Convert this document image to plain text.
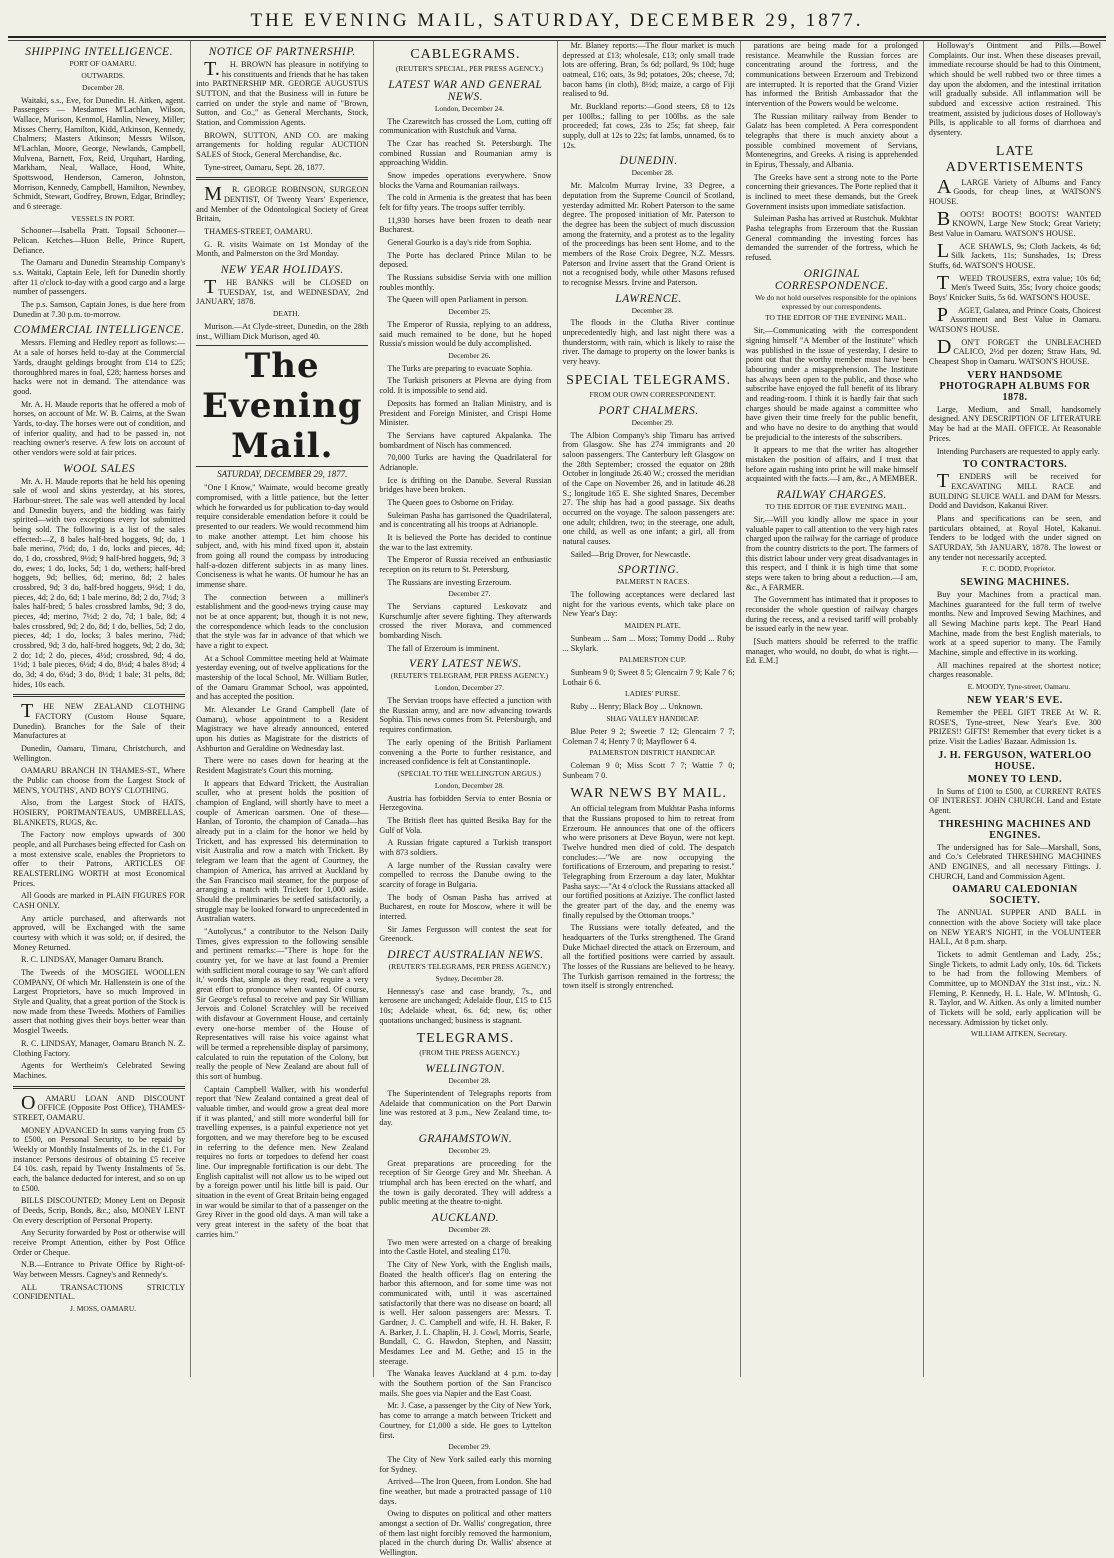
THE EVENING MAIL, SATURDAY, DECEMBER 29, 1877.
SHIPPING INTELLIGENCE.

PORT OF OAMARU.

OUTWARDS.

December 28.

Waitaki, s.s., Eve, for Dunedin. H. Aitken, agent. Passengers — Mesdames M'Lachlan, Wilson, Wallace, Murison, Kenmol, Hamlin, Newey, Miller; Misses Cherry, Hamilton, Kidd, Atkinson, Kennedy, Chalmers; Masters Atkinson; Messrs Wilson, M'Lachlan, Moore, George, Newlands, Campbell, Mulvena, Barnett, Fox, Reid, Urquhart, Harding, Markham, Neal, Wallace, Hood, White, Spottswood, Henderson, Cameron, Johnston, Morrison, Kennedy, Campbell, Hamilton, Newnbey, Schmidt, Stewart, Godfrey, Brown, Edgar, Brindley; and 6 steerage.

VESSELS IN PORT.

Schooner—Isabella Pratt. Topsail Schooner—Pelican. Ketches—Huon Belle, Prince Rupert, Defiance.

The Oamaru and Dunedin Steamship Company's s.s. Waitaki, Captain Eele, left for Dunedin shortly after 11 o'clock to-day with a good cargo and a large number of passengers.

The p.s. Samson, Captain Jones, is due here from Dunedin at 7.30 p.m. to-morrow.

COMMERCIAL INTELLIGENCE.

Messrs. Fleming and Hedley report as follows:—At a sale of horses held to-day at the Commercial Yards, draught geldings brought from £14 to £25; thoroughbred mares in foal, £28; harness horses and hacks were not in demand. The attendance was good.

Mr. A. H. Maude reports that he offered a mob of horses, on account of Mr. W. B. Cairns, at the Swan Yards, to-day. The horses were out of condition, and of inferior quality, and had to be passed in, not reaching owner's reserve. A few lots on account of other vendors were sold at fair prices.

WOOL SALES

Mr. A. H. Maude reports that he held his opening sale of wool and skins yesterday, at his stores, Harbour-street. The sale was well attended by local and Dunedin buyers, and the bidding was fairly spirited—with two exceptions every lot submitted being sold. The following is a list of the sales effected:—Z, 8 bales half-bred hoggets, 9d; do, 1 bale merino, 7½d; do, 1 do, locks and pieces, 4d; do, 1 do, crossbred, 9½d; 9 half-bred hoggets, 9d; 3 do, ewes; 1 do, locks, 5d; 1 do, wethers; half-bred hoggets, 9d; bellies, 6d; merino, 8d; 2 bales crossbred, 9d; 3 do, half-bred hoggets, 9½d; 1 do, pieces, 4d; 2 do, 6d; 1 bale merino, 8d; 2 do, 7½d; 3 bales half-bred; 5 bales crossbred lambs, 9d; 3 do, pieces, 4d; merino, 7½d; 2 do, 7d; 1 bale, 8d; 4 bales crossbred, 9d; 2 do, 8d; 1 do, bellies, 5d; 2 do, pieces, 4d; 1 do, locks; 3 bales merino, 7¾d; crossbred, 9d; 3 do, half-bred hoggets, 9d; 2 do, 3d; 2 do; 1d; 2 do, pieces, 4½d; crossbred, 9d; 4 do, 1½d; 1 bale pieces, 6½d; 4 do, 8½d; 4 bales 8½d; 4 do, 3d; 4 do, 6¼d; 3 do, 8½d; 1 bale; 31 pelts, 8d; hides, 10s each.

THE NEW ZEALAND CLOTHING FACTORY (Custom House Square, Dunedin). Branches for the Sale of their Manufactures at

Dunedin, Oamaru, Timaru, Christchurch, and Wellington.

OAMARU BRANCH IN THAMES-ST., Where the Public can choose from the Largest Stock of MEN'S, YOUTHS', AND BOYS' CLOTHING.

Also, from the Largest Stock of HATS, HOSIERY, PORTMANTEAUS, UMBRELLAS, BLANKETS, RUGS, &c.

The Factory now employs upwards of 300 people, and all Purchases being effected for Cash on a most extensive scale, enables the Proprietors to offer to their Patrons, ARTICLES OF REALSTERLING WORTH at most Economical Prices.

All Goods are marked in PLAIN FIGURES FOR CASH ONLY.

Any article purchased, and afterwards not approved, will be Exchanged with the same courtesy with which it was sold; or, if desired, the Money Returned.

R. C. LINDSAY, Manager Oamaru Branch.

The Tweeds of the MOSGIEL WOOLLEN COMPANY, Of which Mr. Hallenstein is one of the Largest Proprietors, have so much Improved in Style and Quality, that a great portion of the Stock is now made from these Tweeds. Mothers of Families assert that nothing gives their boys better wear than Mosgiel Tweeds.

R. C. LINDSAY, Manager, Oamaru Branch N. Z. Clothing Factory.

Agents for Wertheim's Celebrated Sewing Machines.

OAMARU LOAN AND DISCOUNT OFFICE (Opposite Post Office), THAMES-STREET, OAMARU.

MONEY ADVANCED In sums varying from £5 to £500, on Personal Security, to be repaid by Weekly or Monthly Instalments of 2s. in the £1. For instance: Persons desirous of obtaining £5 receive £4 10s. cash, repaid by Twenty Instalments of 5s. each, the balance deducted for interest, and so on up to £500.

BILLS DISCOUNTED; Money Lent on Deposit of Deeds, Scrip, Bonds, &c.; also, MONEY LENT On every description of Personal Property.

Any Security forwarded by Post or otherwise will receive Prompt Attention, either by Post Office Order or Cheque.

N.B.—Entrance to Private Office by Right-of-Way between Messrs. Cagney's and Rennedy's.

ALL TRANSACTIONS STRICTLY CONFIDENTIAL.

J. MOSS, OAMARU.

NOTICE OF PARTNERSHIP.

T.H. BROWN has pleasure in notifying to his constituents and friends that he has taken into PARTNERSHIP MR. GEORGE AUGUSTUS SUTTON, and that the Business will in future be carried on under the style and name of "Brown, Sutton, and Co.," as General Merchants, Stock, Station, and Commission Agents.

BROWN, SUTTON, AND CO. are making arrangements for holding regular AUCTION SALES of Stock, General Merchandise, &c.

Tyne-street, Oamaru, Sept. 28, 1877.

MR. GEORGE ROBINSON, SURGEON DENTIST, Of Twenty Years' Experience, and Member of the Odontological Society of Great Britain,

THAMES-STREET, OAMARU.

G. R. visits Waimate on 1st Monday of the Month, and Palmerston on the 3rd Monday.

NEW YEAR HOLIDAYS.

THE BANKS will be CLOSED on TUESDAY, 1st, and WEDNESDAY, 2nd JANUARY, 1878.

DEATH.

Murison.—At Clyde-street, Dunedin, on the 28th inst., William Dick Murison, aged 40.

The Evening Mail.
SATURDAY, DECEMBER 29, 1877.

"One I Know," Waimate, would become greatly compromised, with a little patience, but the letter which he forwarded us for publication to-day would require considerable emendation before it could be presented to our readers. We would recommend him to make another attempt. Let him choose his subject, and, with his mind fixed upon it, abstain from going all round the compass by introducing half-a-dozen different subjects in as many lines. Conciseness is what he wants. Of humour he has an immense share.

The connection between a milliner's establishment and the good-news trying cause may not be at once apparent; but, though it is not new, the correspondence which leads to the conclusion that the style was far in advance of that which we have a right to expect.

At a School Committee meeting held at Waimate yesterday evening, out of twelve applications for the mastership of the local School, Mr. William Butler, of the Oamaru Grammar School, was appointed, and has accepted the position.

Mr. Alexander Le Grand Campbell (late of Oamaru), whose appointment to a Resident Magistracy we have already announced, entered upon his duties as Magistrate for the districts of Ashburton and Geraldine on Wednesday last.

There were no cases down for hearing at the Resident Magistrate's Court this morning.

It appears that Edward Trickett, the Australian sculler, who at present holds the position of champion of England, will shortly have to meet a couple of American oarsmen. One of these—Hanlan, of Toronto, the champion of Canada—has already put in a claim for the honor we held by Trickett, and has expressed his determination to visit Australia and row a match with Trickett. By telegram we learn that the agent of Courtney, the champion of America, has arrived at Auckland by the San Francisco mail steamer, for the purpose of arranging a match with Trickett for 1,000 aside. Should the preliminaries be settled satisfactorily, a struggle may be looked forward to unprecedented in Australian waters.

"Autolycus," a contributor to the Nelson Daily Times, gives expression to the following sensible and pertinent remarks:—"There is hope for the country yet, for we have at last found a Premier with sufficient moral courage to say 'We can't afford it,' words that, simple as they read, require a very great effort to pronounce when wanted. Of course, Sir George's refusal to receive and pay Sir William Jervois and Colonel Scratchley will be received with disfavour at Government House, and certainly every one-horse member of the House of Representatives will raise his voice against what will be termed a reprehensible display of parsimony, calculated to ruin the reputation of the Colony, but really the people of New Zealand are about full of this sort of humbug.

Captain Campbell Walker, with his wonderful report that 'New Zealand contained a great deal of valuable timber, and would grow a great deal more if it was planted,' and still more wonderful bill for travelling expenses, is a painful experience not yet forgotten, and we may therefore beg to be excused in referring to the defence men. New Zealand requires no forts or torpedoes to defend her coast line. Our impregnable fortification is our debt. The English capitalist will not allow us to be wiped out by a foreign power until his little bill is paid. Our situation in the event of Great Britain being engaged in war would be similar to that of a passenger on the Grey River in the good old days. A man will take a very great interest in the safety of the boat that carries him."

CABLEGRAMS.

(REUTER'S SPECIAL, PER PRESS AGENCY.)

LATEST WAR AND GENERAL NEWS.

London, December 24.

The Czarewitch has crossed the Lom, cutting off communication with Rustchuk and Varna.

The Czar has reached St. Petersburgh. The combined Russian and Roumanian army is approaching Widdin.

Snow impedes operations everywhere. Snow blocks the Varna and Roumanian railways.

The cold in Armenia is the greatest that has been felt for fifty years. The troops suffer terribly.

11,930 horses have been frozen to death near Bucharest.

General Gourko is a day's ride from Sophia.

The Porte has declared Prince Milan to be deposed.

The Russians subsidise Servia with one million roubles monthly.

The Queen will open Parliament in person.

December 25.

The Emperor of Russia, replying to an address, said much remained to be done, but he hoped Russia's mission would be duly accomplished.

December 26.

The Turks are preparing to evacuate Sophia.

The Turkish prisoners at Plevna are dying from cold. It is impossible to send aid.

Deposits has formed an Italian Ministry, and is President and Foreign Minister, and Crispi Home Minister.

The Servians have captured Akpalanka. The bombardment of Nisch has commenced.

70,000 Turks are having the Quadrilateral for Adrianople.

Ice is drifting on the Danube. Several Russian bridges have been broken.

The Queen goes to Osborne on Friday.

Suleiman Pasha has garrisoned the Quadrilateral, and is concentrating all his troops at Adrianople.

It is believed the Porte has decided to continue the war to the last extremity.

The Emperor of Russia received an enthusiastic reception on its return to St. Petersburg.

The Russians are investing Erzeroum.

December 27.

The Servians captured Leskovatz and Kurschumlje after severe fighting. They afterwards crossed the river Morava, and commenced bombarding Nisch.

The fall of Erzeroum is imminent.

VERY LATEST NEWS.

(REUTER'S TELEGRAM, PER PRESS AGENCY.)

London, December 27.

The Servian troops have effected a junction with the Russian army, and are now advancing towards Sophia. This news comes from St. Petersburgh, and requires confirmation.

The early opening of the British Parliament convening a the Porte to further resistance, and increased confidence is felt at Constantinople.

(SPECIAL TO THE WELLINGTON ARGUS.)

London, December 28.

Austria has forbidden Servia to enter Bosnia or Herzegovina.

The British fleet has quitted Besika Bay for the Gulf of Vola.

A Russian frigate captured a Turkish transport with 873 soldiers.

A large number of the Russian cavalry were compelled to recross the Danube owing to the scarcity of forage in Bulgaria.

The body of Osman Pasha has arrived at Bucharest, en route for Moscow, where it will be interred.

Sir James Fergusson will contest the seat for Greenock.

DIRECT AUSTRALIAN NEWS.

(REUTER'S TELEGRAMS, PER PRESS AGENCY.)

Sydney, December 28.

Hennessy's case and case brandy, 7s., and kerosene are unchanged; Adelaide flour, £15 to £15 10s; Adelaide wheat, 6s. 6d; new, 6s; other quotations unchanged; business is stagnant.

TELEGRAMS.

(FROM THE PRESS AGENCY.)

WELLINGTON.

December 28.

The Superintendent of Telegraphs reports from Adelaide that communication on the Port Darwin line was restored at 3 p.m., New Zealand time, to-day.

GRAHAMSTOWN.

December 29.

Great preparations are proceeding for the reception of Sir George Grey and Mr. Sheehan. A triumphal arch has been erected on the wharf, and the town is gaily decorated. They will address a public meeting at the theatre to-night.

AUCKLAND.

December 28.

Two men were arrested on a charge of breaking into the Castle Hotel, and stealing £170.

The City of New York, with the English mails, floated the health officer's flag on entering the harbor this afternoon, and for some time was not communicated with, until it was ascertained satisfactorily that there was no disease on board; all is well. Her saloon passengers are: Messrs. T. Gardner, J. C. Campbell and wife, H. H. Baker, F. A. Barker, J. L. Chaplin, H. J. Cowl, Morris, Searle, Bundall, C. G. Hawdon, Stephen, and Nassitt; Mesdames Lee and M. Gethe; and 15 in the steerage.

The Wanaka leaves Auckland at 4 p.m. to-day with the Southern portion of the San Francisco mails. She goes via Napier and the East Coast.

Mr. J. Case, a passenger by the City of New York, has come to arrange a match between Trickett and Courtney, for £1,000 a side. He goes to Lyttelton first.

December 29.

The City of New York sailed early this morning for Sydney.

Arrived—The Iron Queen, from London. She had fine weather, but made a protracted passage of 110 days.

Owing to disputes on political and other matters amongst a section of Dr. Wallis' congregation, three of them last night forcibly removed the harmonium, placed in the church during Dr. Wallis' absence at Wellington.

Mr. Blaney reports:—The flour market is much depressed at £13; wholesale, £13; only small trade lots are offering. Bran, 5s 6d; pollard, 9s 10d; huge oatmeal, £16; oats, 3s 9d; potatoes, 20s; cheese, 7d; bacon hams (in cloth), 8½d; maize, a cargo of Fiji realised to 9d.

Mr. Buckland reports:—Good steers, £8 to 12s per 100lbs.; falling to per 100lbs. as the sale proceeded; fat cows, 23s to 25s; fat sheep, fair supply, dull at 12s to 22s; fat lambs, unnamed, 6s to 12s.

DUNEDIN.

December 28.

Mr. Malcolm Murray Irvine, 33 Degree, a deputation from the Supreme Council of Scotland, yesterday admitted Mr. Robert Paterson to the same degree. The proposed initiation of Mr. Paterson to the degree has been the subject of much discussion among the fraternity, and a protest as to the legality of the proceedings has been sent Home, and to the members of the Rose Croix Degree, N.Z. Messrs. Paterson and Irvine assert that the Grand Orient is not a recognised body, while other Masons refused to recognise Messrs. Irvine and Paterson.

LAWRENCE.

December 28.

The floods in the Clutha River continue unprecedentedly high, and last night there was a thunderstorm, with rain, which is likely to raise the river. The damage to property on the lower banks is very heavy.

SPECIAL TELEGRAMS.

FROM OUR OWN CORRESPONDENT.

PORT CHALMERS.

December 29.

The Albion Company's ship Timaru has arrived from Glasgow. She has 274 immigrants and 20 saloon passengers. The Canterbury left Glasgow on the 28th September; crossed the equator on 28th October in longitude 26.40 W.; crossed the meridian of the Cape on November 26, and in latitude 46.28 S.; longitude 165 E. She sighted Snares, December 27. The ship has had a good passage. Six deaths occurred on the voyage. The saloon passengers are: one adult; children, two; in the steerage, one adult, one child, as well as one infant; a girl, all from natural causes.

Sailed—Brig Drover, for Newcastle.

SPORTING.

PALMERST N RACES.

The following acceptances were declared last night for the various events, which take place on New Year's Day:

MAIDEN PLATE.

Sunbeam ... Sam ... Moss; Tommy Dodd ... Ruby ... Skylark.

PALMERSTON CUP.

Sunbeam 9 0; Sweet 8 5; Glencairn 7 9; Kale 7 6; Lothair 6 6.

LADIES' PURSE.

Ruby ... Henry; Black Boy ... Unknown.

SHAG VALLEY HANDICAP.

Blue Peter 9 2; Sweetie 7 12; Glencairn 7 7; Coleman 7 4; Henry 7 0; Mayflower 6 4.

PALMERSTON DISTRICT HANDICAP.

Coleman 9 0; Miss Scott 7 7; Wattie 7 0; Sunbeam 7 0.

WAR NEWS BY MAIL.

An official telegram from Mukhtar Pasha informs that the Russians proposed to him to retreat from Erzeroum. He announces that one of the officers who were prisoners at Deve Boyun, were not kept. Twelve hundred men died of cold. The despatch concludes:—"We are now occupying the fortifications of Erzeroum, and preparing to resist." Telegraphing from Erzeroum a day later, Mukhtar Pasha says:—"At 4 o'clock the Russians attacked all our fortified positions at Aziziye. The conflict lasted the greater part of the day, and the enemy was finally repulsed by the Ottoman troops."

The Russians were totally defeated, and the headquarters of the Turks strengthened. The Grand Duke Michael directed the attack on Erzeroum, and all the fortified positions were carried by assault. The losses of the Russians are believed to be heavy. The Turkish garrison remained in the fortress; the town itself is strongly entrenched.

parations are being made for a prolonged resistance. Meanwhile the Russian forces are concentrating around the fortress, and the communications between Erzeroum and Trebizond are interrupted. It is reported that the Grand Vizier has informed the British Ambassador that the intervention of the Powers would be welcome.

The Russian military railway from Bender to Galatz has been completed. A Pera correspondent telegraphs that there is much anxiety about a possible combined movement of Servians, Montenegrins, and Greeks. A rising is apprehended in Epirus, Thessaly, and Albania.

The Greeks have sent a strong note to the Porte concerning their grievances. The Porte replied that it is inclined to meet these demands, but the Greek Government insists upon immediate satisfaction.

Suleiman Pasha has arrived at Rustchuk. Mukhtar Pasha telegraphs from Erzeroum that the Russian General commanding the investing forces has demanded the surrender of the fortress, which he refused.

ORIGINAL CORRESPONDENCE.

We do not hold ourselves responsible for the opinions expressed by our correspondents.

TO THE EDITOR OF THE EVENING MAIL.

Sir,—Communicating with the correspondent signing himself "A Member of the Institute" which was published in the issue of yesterday, I desire to point out that the worthy member must have been labouring under a misapprehension. The Institute has always been open to the public, and those who subscribe have enjoyed the full benefit of its library and reading-room. I think it is hardly fair that such charges should be made against a committee who have given their time freely for the public benefit, and who have no desire to do anything that would be prejudicial to the interests of the subscribers.

It appears to me that the writer has altogether mistaken the position of affairs, and I trust that before again rushing into print he will make himself acquainted with the facts.—I am, &c., A MEMBER.

RAILWAY CHARGES.

TO THE EDITOR OF THE EVENING MAIL.

Sir,—Will you kindly allow me space in your valuable paper to call attention to the very high rates charged upon the railway for the carriage of produce from the country districts to the port. The farmers of this district labour under very great disadvantages in this respect, and I think it is high time that some steps were taken to bring about a reduction.—I am, &c., A FARMER.

The Government has intimated that it proposes to reconsider the whole question of railway charges during the recess, and a revised tariff will probably be issued early in the new year.

[Such matters should be referred to the traffic manager, who would, no doubt, do what is right.—Ed. E.M.]

Holloway's Ointment and Pills.—Bowel Complaints. Our inst. When these diseases prevail, immediate recourse should be had to this Ointment, which should be well rubbed two or three times a day upon the abdomen, and the intestinal irritation will gradually subside. All inflammation will be subdued and excessive action restrained. This treatment, assisted by judicious doses of Holloway's Pills, is applicable to all forms of diarrhoea and dysentery.

LATE ADVERTISEMENTS

ALARGE Variety of Albums and Fancy Goods, for cheap lines, at WATSON'S HOUSE.

BOOTS! BOOTS! BOOTS! WANTED KNOWN, Large New Stock; Great Variety; Best Value in Oamaru. WATSON'S HOUSE.

LACE SHAWLS, 9s; Cloth Jackets, 4s 6d; Silk Jackets, 11s; Sunshades, 1s; Dress Stuffs, 6d. WATSON'S HOUSE.

TWEED TROUSERS, extra value; 10s 6d; Men's Tweed Suits, 35s; Ivory choice goods; Boys' Knicker Suits, 5s 6d. WATSON'S HOUSE.

PAGET, Galatea, and Prince Coats, Choicest Assortment and Best Value in Oamaru. WATSON'S HOUSE.

DON'T FORGET the UNBLEACHED CALICO, 2½d per dozen; Straw Hats, 9d. Cheapest Shop in Oamaru. WATSON'S HOUSE.

VERY HANDSOME PHOTOGRAPH ALBUMS FOR 1878.

Large, Medium, and Small, handsomely designed. ANY DESCRIPTION OF LITERATURE May be had at the MAIL OFFICE. At Reasonable Prices.

Intending Purchasers are requested to apply early.

TO CONTRACTORS.

TENDERS will be received for EXCAVATING MILL RACE and BUILDING SLUICE WALL and DAM for Messrs. Dodd and Davidson, Kakanui River.

Plans and specifications can be seen, and particulars obtained, at Royal Hotel, Kakanui. Tenders to be lodged with the under signed on SATURDAY, 5th JANUARY, 1878. The lowest or any tender not necessarily accepted.

F. C. DODD, Proprietor.

SEWING MACHINES.

Buy your Machines from a practical man. Machines guaranteed for the full term of twelve months. New and Improved Sewing Machines, and all Sewing Machine parts kept. The Pearl Hand Machine, made from the best English materials, to work at a speed superior to many. The Family Machine, simple and effective in its working.

All machines repaired at the shortest notice; charges reasonable.

E. MOODY, Tyne-street, Oamaru.

NEW YEAR'S EVE.

Remember the PEEL GIFT TREE At W. R. ROSE'S, Tyne-street, New Year's Eve. 300 PRIZES!! GIFTS! Remember that every ticket is a prize. Visit the Ladies' Bazaar. Admission 1s.

J. H. FERGUSON, WATERLOO HOUSE.
MONEY TO LEND.

In Sums of £100 to £500, at CURRENT RATES OF INTEREST. JOHN CHURCH. Land and Estate Agent.

THRESHING MACHINES AND ENGINES.

The undersigned has for Sale—Marshall, Sons, and Co.'s Celebrated THRESHING MACHINES AND ENGINES, and all necessary Fittings. J. CHURCH, Land and Commission Agent.

OAMARU CALEDONIAN SOCIETY.

The ANNUAL SUPPER AND BALL in connection with the above Society will take place on NEW YEAR'S NIGHT, in the VOLUNTEER HALL, At 8 p.m. sharp.

Tickets to admit Gentleman and Lady, 25s.; Single Tickets, to admit Lady only, 10s. 6d. Tickets to be had from the following Members of Committee, up to MONDAY the 31st inst., viz.: N. Fleming, P. Kennedy, H. L. Hale, W. M'Intosh, G. R. Taylor, and W. Aitken. As only a limited number of Tickets will be sold, early application will be necessary. Admission by ticket only.

WILLIAM AITKEN, Secretary.
